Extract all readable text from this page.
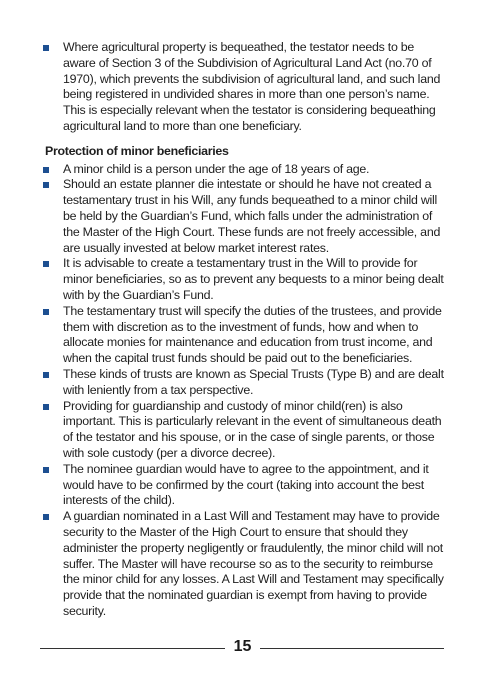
Where agricultural property is bequeathed, the testator needs to be aware of Section 3 of the Subdivision of Agricultural Land Act (no.70 of 1970), which prevents the subdivision of agricultural land, and such land being registered in undivided shares in more than one person’s name. This is especially relevant when the testator is considering bequeathing agricultural land to more than one beneficiary.
Protection of minor beneficiaries
A minor child is a person under the age of 18 years of age.
Should an estate planner die intestate or should he have not created a testamentary trust in his Will, any funds bequeathed to a minor child will be held by the Guardian’s Fund, which falls under the administration of the Master of the High Court. These funds are not freely accessible, and are usually invested at below market interest rates.
It is advisable to create a testamentary trust in the Will to provide for minor beneficiaries, so as to prevent any bequests to a minor being dealt with by the Guardian’s Fund.
The testamentary trust will specify the duties of the trustees, and provide them with discretion as to the investment of funds, how and when to allocate monies for maintenance and education from trust income, and when the capital trust funds should be paid out to the beneficiaries.
These kinds of trusts are known as Special Trusts (Type B) and are dealt with leniently from a tax perspective.
Providing for guardianship and custody of minor child(ren) is also important. This is particularly relevant in the event of simultaneous death of the testator and his spouse, or in the case of single parents, or those with sole custody (per a divorce decree).
The nominee guardian would have to agree to the appointment, and it would have to be confirmed by the court (taking into account the best interests of the child).
A guardian nominated in a Last Will and Testament may have to provide security to the Master of the High Court to ensure that should they administer the property negligently or fraudulently, the minor child will not suffer. The Master will have recourse so as to the security to reimburse the minor child for any losses. A Last Will and Testament may specifically provide that the nominated guardian is exempt from having to provide security.
15
